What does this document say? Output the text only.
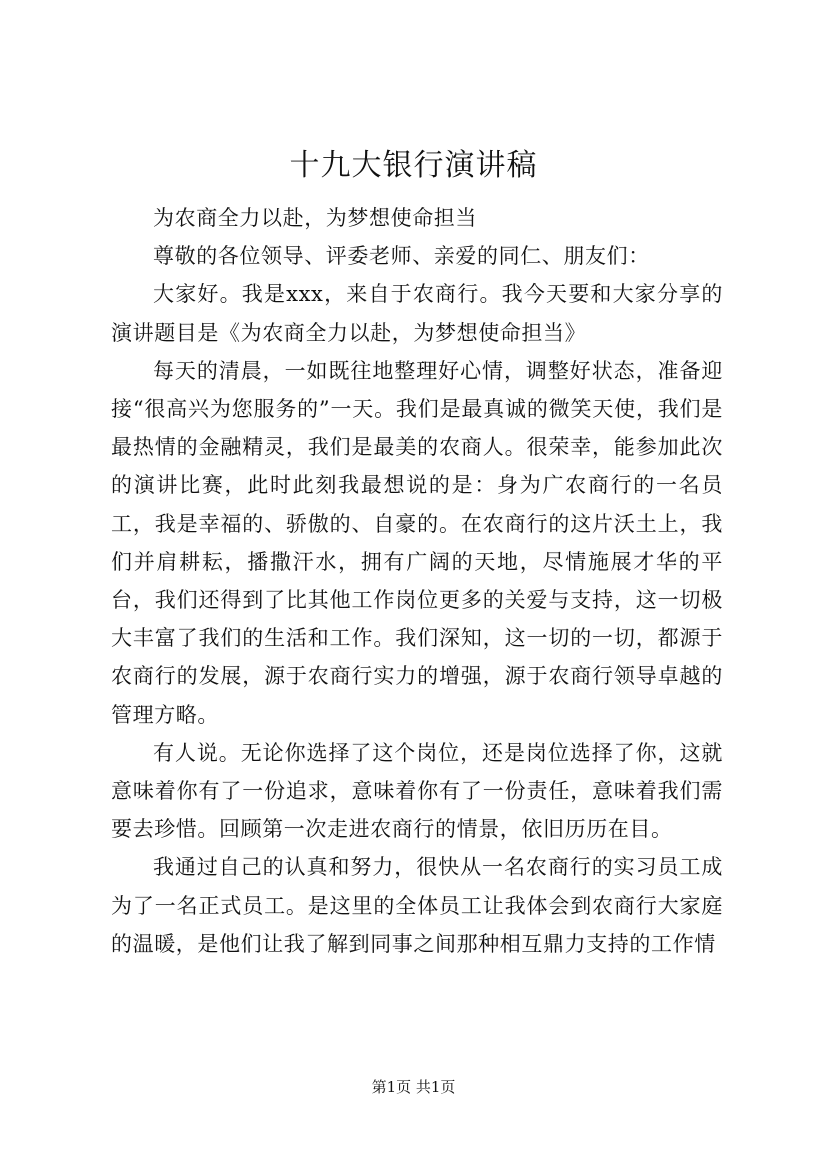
十九大银行演讲稿

为农商全力以赴，为梦想使命担当

尊敬的各位领导、评委老师、亲爱的同仁、朋友们：

大家好。我是xxx，来自于农商行。我今天要和大家分享的演讲题目是《为农商全力以赴，为梦想使命担当》

每天的清晨，一如既往地整理好心情，调整好状态，准备迎接“很高兴为您服务的”一天。我们是最真诚的微笑天使，我们是最热情的金融精灵，我们是最美的农商人。很荣幸，能参加此次的演讲比赛，此时此刻我最想说的是：身为广农商行的一名员工，我是幸福的、骄傲的、自豪的。在农商行的这片沃土上，我们并肩耕耘，播撒汗水，拥有广阔的天地，尽情施展才华的平台，我们还得到了比其他工作岗位更多的关爱与支持，这一切极大丰富了我们的生活和工作。我们深知，这一切的一切，都源于农商行的发展，源于农商行实力的增强，源于农商行领导卓越的管理方略。

有人说。无论你选择了这个岗位，还是岗位选择了你，这就意味着你有了一份追求，意味着你有了一份责任，意味着我们需要去珍惜。回顾第一次走进农商行的情景，依旧历历在目。

我通过自己的认真和努力，很快从一名农商行的实习员工成为了一名正式员工。是这里的全体员工让我体会到农商行大家庭的温暖，是他们让我了解到同事之间那种相互鼎力支持的工作情

第1页 共1页
